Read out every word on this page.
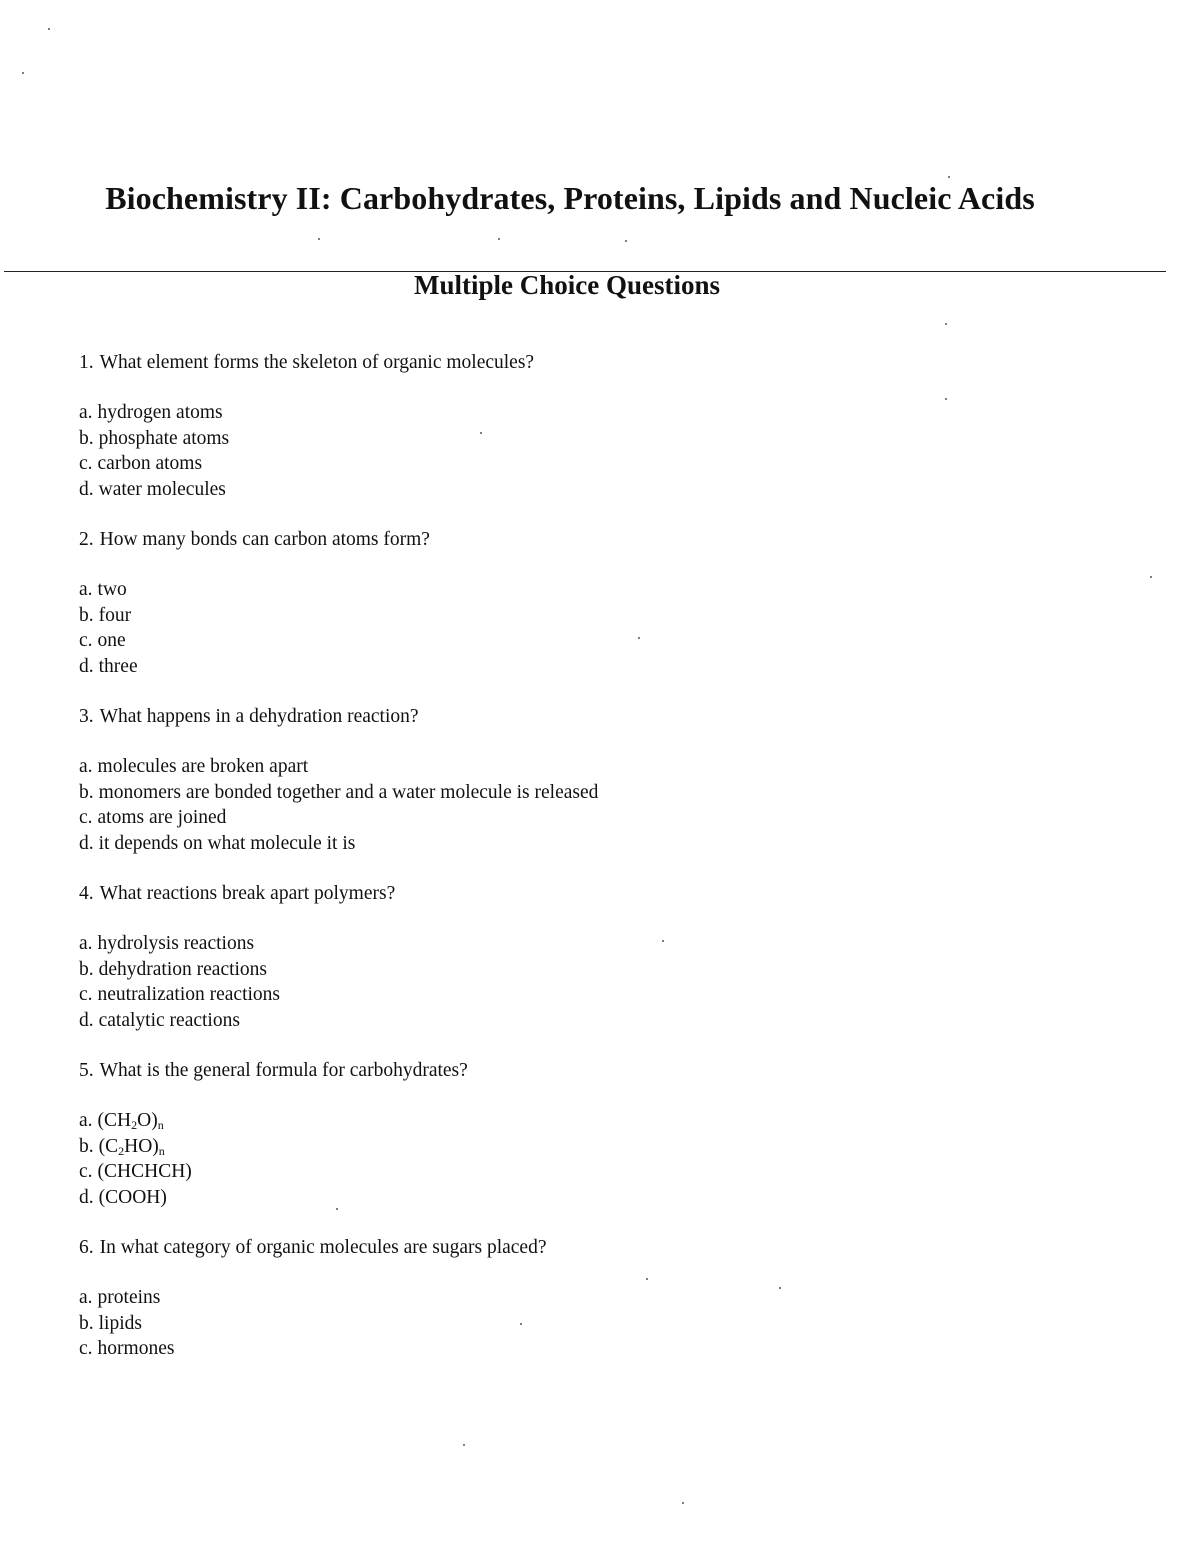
Biochemistry II: Carbohydrates, Proteins, Lipids and Nucleic Acids
Multiple Choice Questions

1. What element forms the skeleton of organic molecules?

a. hydrogen atoms

b. phosphate atoms

c. carbon atoms

d. water molecules

2. How many bonds can carbon atoms form?

a. two

b. four

c. one

d. three

3. What happens in a dehydration reaction?

a. molecules are broken apart

b. monomers are bonded together and a water molecule is released

c. atoms are joined

d. it depends on what molecule it is

4. What reactions break apart polymers?

a. hydrolysis reactions

b. dehydration reactions

c. neutralization reactions

d. catalytic reactions

5. What is the general formula for carbohydrates?

a. $(CH_2O)_n$

b. $(C_2HO)_n$

c. (CHCHCH)

d. (COOH)

6. In what category of organic molecules are sugars placed?

a. proteins

b. lipids

c. hormones
